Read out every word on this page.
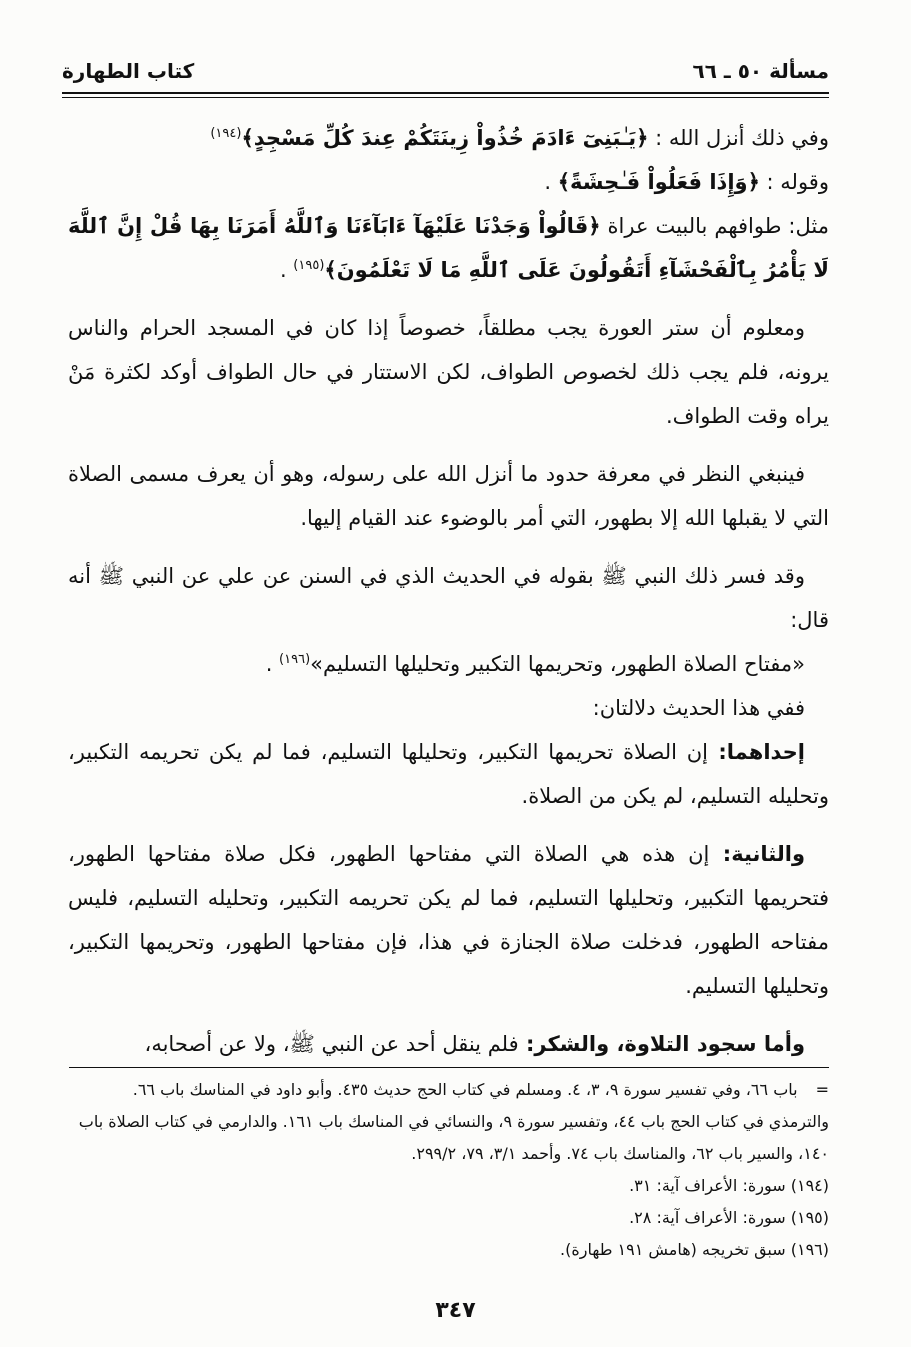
مسألة ٥٠ ـ ٦٦
كتاب الطهارة

وفي ذلك أنزل الله : ﴿يَـٰبَنِىٓ ءَادَمَ خُذُواْ زِينَتَكُمْ عِندَ كُلِّ مَسْجِدٍ﴾$^{(١٩٤)}$
وقوله : ﴿وَإِذَا فَعَلُواْ فَـٰحِشَةً﴾ .
مثل: طوافهم بالبيت عراة ﴿قَالُواْ وَجَدْنَا عَلَيْهَآ ءَابَآءَنَا وَٱللَّهُ أَمَرَنَا بِهَا قُلْ إِنَّ ٱللَّهَ لَا يَأْمُرُ بِٱلْفَحْشَآءِ أَتَقُولُونَ عَلَى ٱللَّهِ مَا لَا تَعْلَمُونَ﴾$^{(١٩٥)}$ .

ومعلوم أن ستر العورة يجب مطلقاً، خصوصاً إذا كان في المسجد الحرام والناس يرونه، فلم يجب ذلك لخصوص الطواف، لكن الاستتار في حال الطواف أوكد لكثرة مَنْ يراه وقت الطواف.

فينبغي النظر في معرفة حدود ما أنزل الله على رسوله، وهو أن يعرف مسمى الصلاة التي لا يقبلها الله إلا بطهور، التي أمر بالوضوء عند القيام إليها.

وقد فسر ذلك النبي ﷺ بقوله في الحديث الذي في السنن عن علي عن النبي ﷺ أنه قال:

«مفتاح الصلاة الطهور، وتحريمها التكبير وتحليلها التسليم»$^{(١٩٦)}$ .

ففي هذا الحديث دلالتان:

إحداهما: إن الصلاة تحريمها التكبير، وتحليلها التسليم، فما لم يكن تحريمه التكبير، وتحليله التسليم، لم يكن من الصلاة.

والثانية: إن هذه هي الصلاة التي مفتاحها الطهور، فكل صلاة مفتاحها الطهور، فتحريمها التكبير، وتحليلها التسليم، فما لم يكن تحريمه التكبير، وتحليله التسليم، فليس مفتاحه الطهور، فدخلت صلاة الجنازة في هذا، فإن مفتاحها الطهور، وتحريمها التكبير، وتحليلها التسليم.

وأما سجود التلاوة، والشكر: فلم ينقل أحد عن النبي ﷺ، ولا عن أصحابه،

=باب ٦٦، وفي تفسير سورة ٩، ٣، ٤. ومسلم في كتاب الحج حديث ٤٣٥. وأبو داود في المناسك باب ٦٦. والترمذي في كتاب الحج باب ٤٤، وتفسير سورة ٩، والنسائي في المناسك باب ١٦١. والدارمي في كتاب الصلاة باب ١٤٠، والسير باب ٦٢، والمناسك باب ٧٤. وأحمد ٣/١، ٧٩، ٢٩٩/٢.

(١٩٤) سورة: الأعراف آية: ٣١.

(١٩٥) سورة: الأعراف آية: ٢٨.

(١٩٦) سبق تخريجه (هامش ١٩١ طهارة).

٣٤٧
